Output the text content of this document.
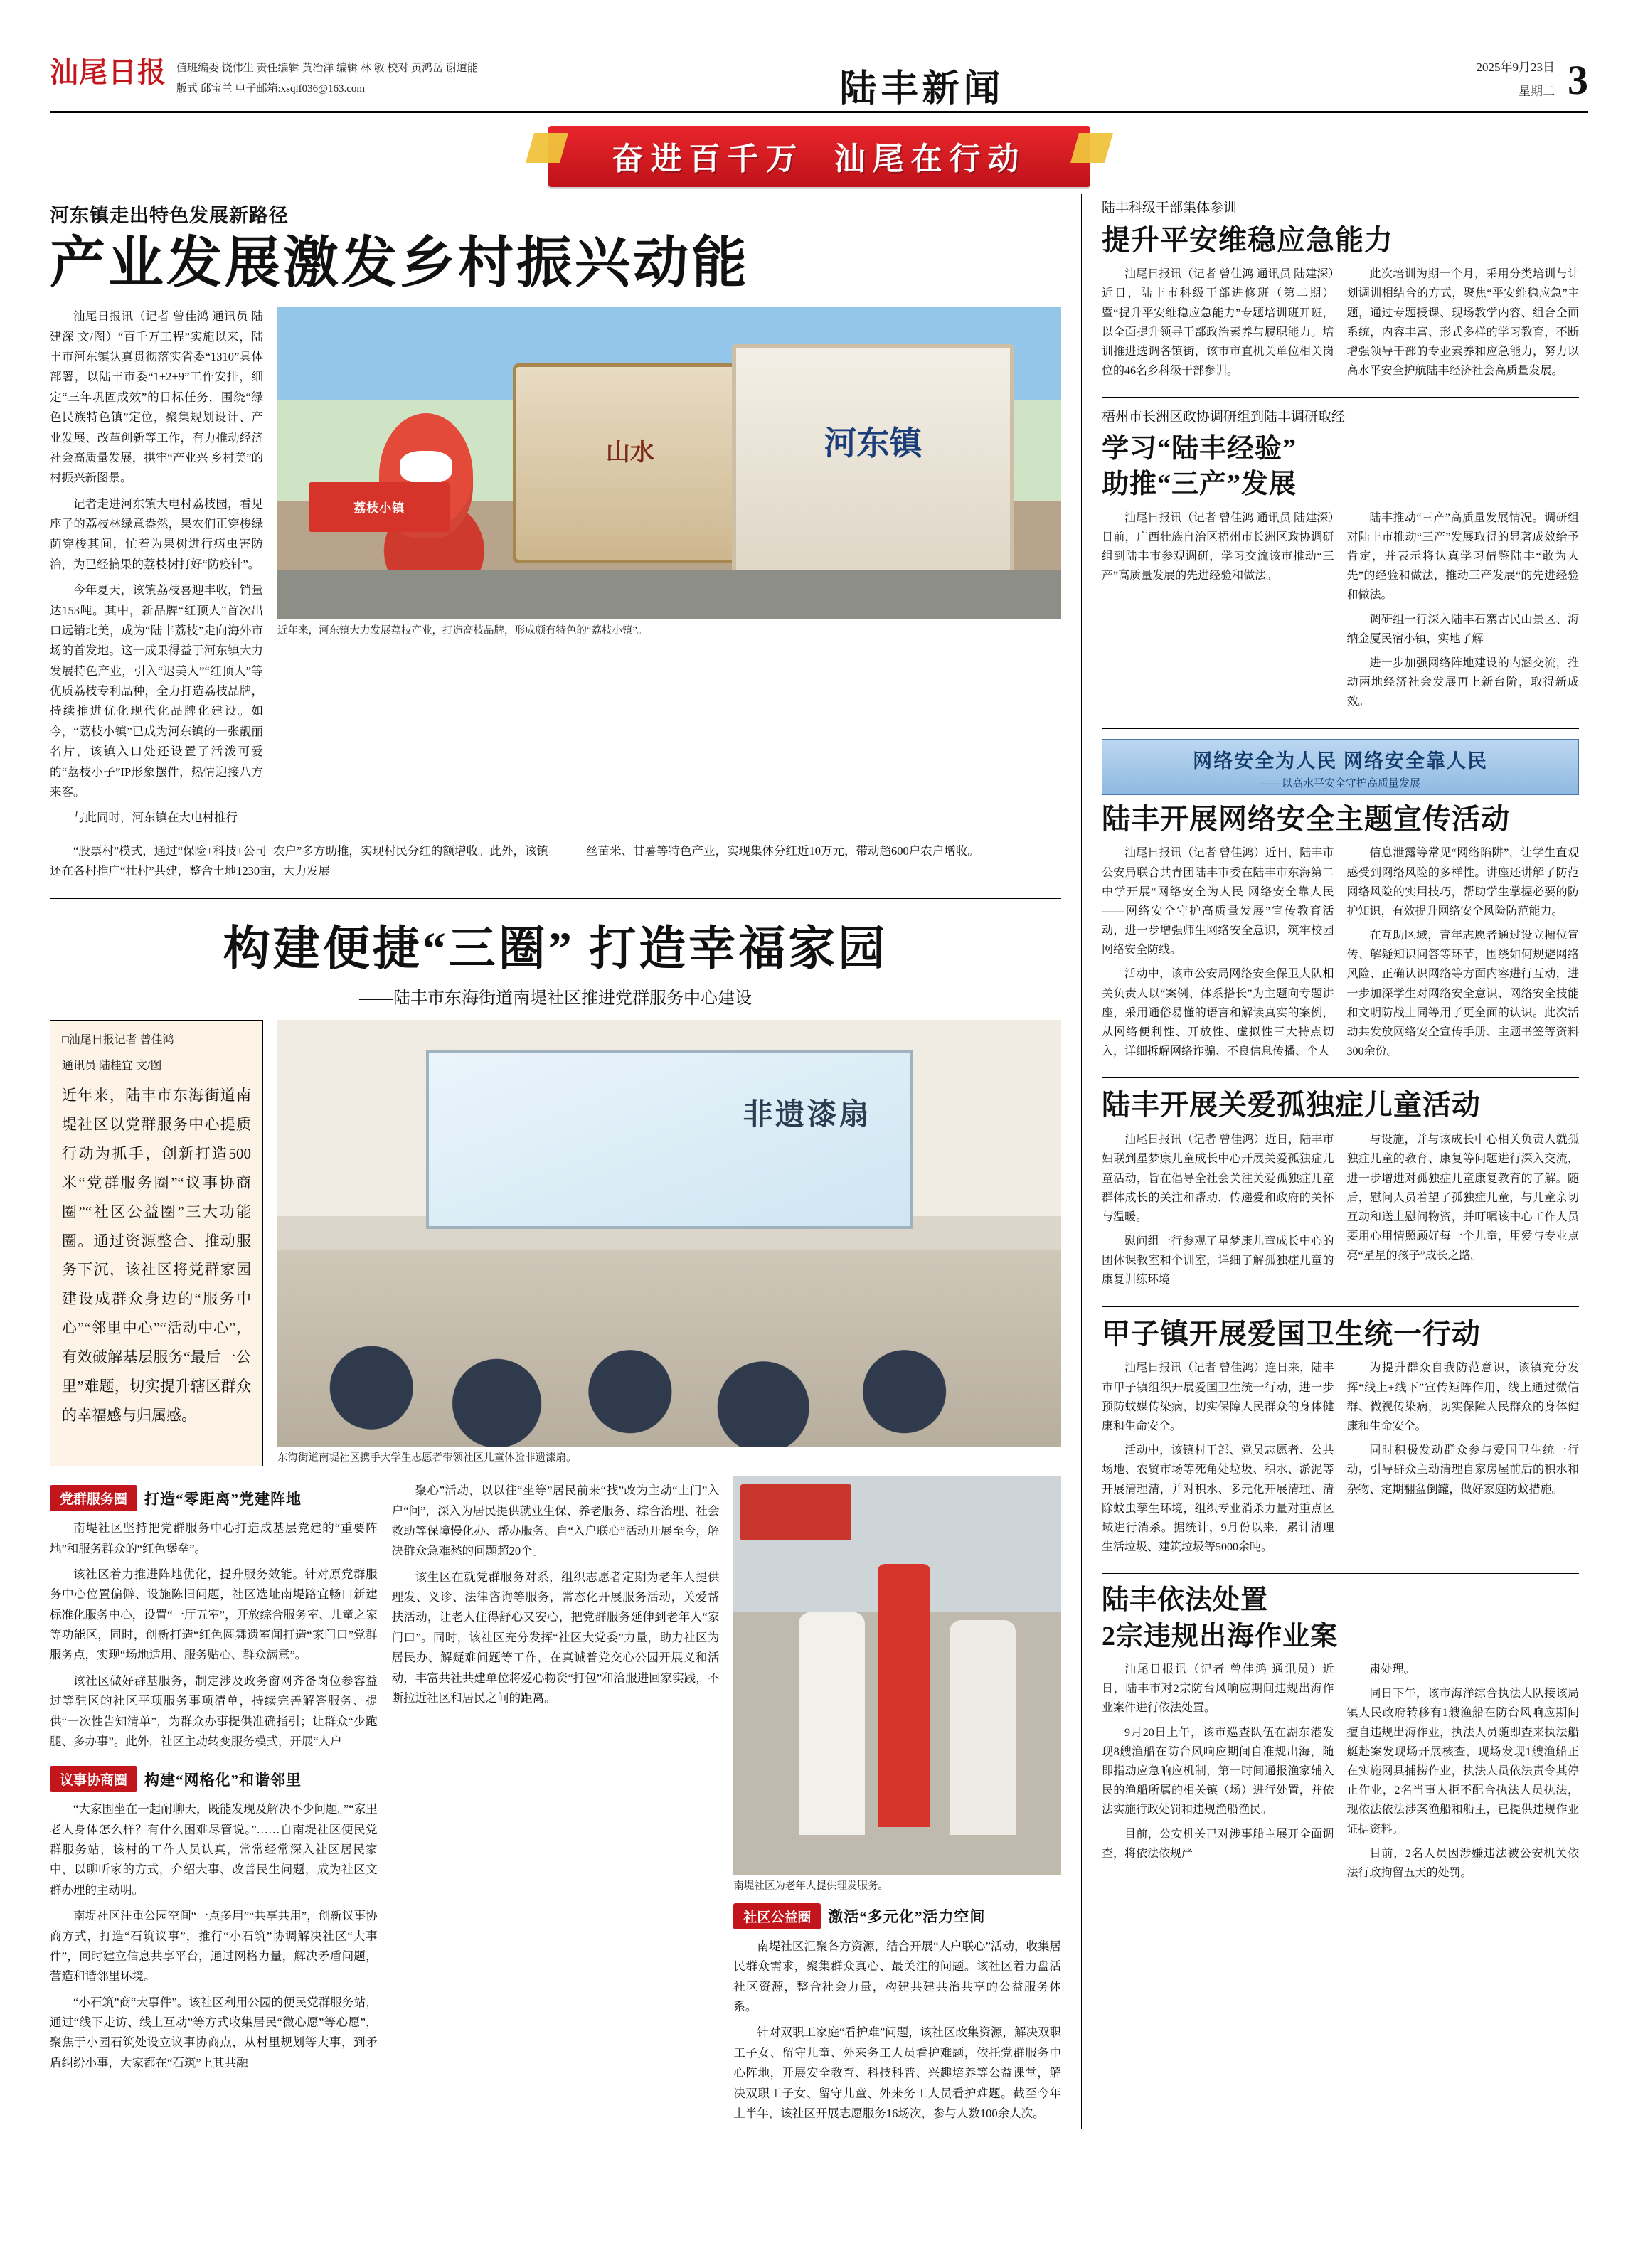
汕尾日报 值班编委 饶伟生 责任编辑 黄冶洋 编辑 林 敏 校对 黄鸿岳 谢道能
版式 邱宝兰 电子邮箱:xsqlf036@163.com	陆丰新闻
2025年9月23日
星期二 3
奋进百千万 汕尾在行动
河东镇走出特色发展新路径
产业发展激发乡村振兴动能

汕尾日报讯（记者 曾佳鸿 通讯员 陆建深 文/图）“百千万工程”实施以来，陆丰市河东镇认真贯彻落实省委“1310”具体部署，以陆丰市委“1+2+9”工作安排，细定“三年巩固成效”的目标任务，围绕“绿色民族特色镇”定位，聚集规划设计、产业发展、改革创新等工作，有力推动经济社会高质量发展，拱牢“产业兴 乡村美”的村振兴新图景。

记者走进河东镇大电村荔枝园，看见座子的荔枝林绿意盎然，果农们正穿梭绿荫穿梭其间，忙着为果树进行病虫害防治，为已经摘果的荔枝树打好“防疫针”。

今年夏天，该镇荔枝喜迎丰收，销量达153吨。其中，新品牌“红顶人”首次出口远销北美，成为“陆丰荔枝”走向海外市场的首发地。这一成果得益于河东镇大力发展特色产业，引入“迟美人”“红顶人”等优质荔枝专利品种，全力打造荔枝品牌，持续推进优化现代化品牌化建设。如今，“荔枝小镇”已成为河东镇的一张靓丽名片，该镇入口处还设置了活泼可爱的“荔枝小子”IP形象摆件，热情迎接八方来客。

与此同时，河东镇在大电村推行

山水
河东镇
荔枝小镇
近年来，河东镇大力发展荔枝产业，打造高枝品牌，形成颇有特色的“荔枝小镇”。

“股票村”模式，通过“保险+科技+公司+农户”多方助推，实现村民分红的额增收。此外，该镇还在各村推广“壮村”共建，整合土地1230亩，大力发展

丝苗米、甘薯等特色产业，实现集体分红近10万元，带动超600户农户增收。

构建便捷“三圈” 打造幸福家园
——陆丰市东海街道南堤社区推进党群服务中心建设
□汕尾日报记者 曾佳鸿
通讯员 陆桂宜 文/图
近年来，陆丰市东海街道南堤社区以党群服务中心提质行动为抓手，创新打造500米“党群服务圈”“议事协商圈”“社区公益圈”三大功能圈。通过资源整合、推动服务下沉，该社区将党群家园建设成群众身边的“服务中心”“邻里中心”“活动中心”，有效破解基层服务“最后一公里”难题，切实提升辖区群众的幸福感与归属感。
非遗漆扇
东海街道南堤社区携手大学生志愿者带领社区儿童体验非遗漆扇。
党群服务圈	打造“零距离”党建阵地

南堤社区坚持把党群服务中心打造成基层党建的“重要阵地”和服务群众的“红色堡垒”。

该社区着力推进阵地优化，提升服务效能。针对原党群服务中心位置偏僻、设施陈旧问题，社区选址南堤路宜畅口新建标准化服务中心，设置“一厅五室”，开放综合服务室、儿童之家等功能区，同时，创新打造“红色圆舞遗室闻打造“家门口”党群服务点，实现“场地适用、服务贴心、群众满意”。

该社区做好群基服务，制定涉及政务窗网齐备岗位参容益过等驻区的社区平项服务事项清单，持续完善解答服务、提供“一次性告知清单”，为群众办事提供准确指引；让群众“少跑腿、多办事”。此外，社区主动转变服务模式，开展“人户

议事协商圈	构建“网格化”和谐邻里

“大家围坐在一起耐聊天，既能发现及解决不少问题。”“家里老人身体怎么样？有什么困难尽管说。”……自南堤社区便民党群服务站，该村的工作人员认真，常常经常深入社区居民家中，以聊听家的方式，介绍大事、改善民生问题，成为社区文群办理的主动明。

南堤社区注重公园空间“一点多用”“共享共用”，创新议事协商方式，打造“石筑议事”，推行“小石筑”协调解决社区“大事件”，同时建立信息共享平台，通过网格力量，解决矛盾问题，营造和谐邻里环境。

“小石筑”商“大事件”。该社区利用公园的便民党群服务站，通过“线下走访、线上互动”等方式收集居民“微心愿”等心愿”，聚焦于小园石筑处设立议事协商点，从村里规划等大事，到矛盾纠纷小事，大家都在“石筑”上其共融

聚心”活动，以以往“坐等”居民前来“找”改为主动“上门”入户“问”，深入为居民提供就业生保、养老服务、综合治理、社会救助等保障慢化办、帮办服务。自“入户联心”活动开展至今，解决群众急难愁的问题超20个。

该生区在就党群服务对系，组织志愿者定期为老年人提供理发、义诊、法律咨询等服务，常态化开展服务活动，关爱帮扶活动，让老人住得舒心又安心，把党群服务延伸到老年人“家门口”。同时，该社区充分发挥“社区大党委”力量，助力社区为居民办、解疑难问题等工作，在真诚普党交心公园开展义和活动，丰富共社共建单位将爱心物资“打包”和洽服进回家实践，不断拉近社区和居民之间的距离。

南堤社区为老年人提供理发服务。
社区公益圈	激活“多元化”活力空间

南堤社区汇聚各方资源，结合开展“人户联心”活动，收集居民群众需求，聚集群众真心、最关注的问题。该社区着力盘活社区资源，整合社会力量，构建共建共治共享的公益服务体系。

针对双职工家庭“看护难”问题，该社区改集资源，解决双职工子女、留守儿童、外来务工人员看护难题，依托党群服务中心阵地，开展安全教育、科技科普、兴趣培养等公益课堂，解决双职工子女、留守儿童、外来务工人员看护难题。截至今年上半年，该社区开展志愿服务16场次，参与人数100余人次。

陆丰科级干部集体参训
提升平安维稳应急能力

汕尾日报讯（记者 曾佳鸿 通讯员 陆建深）近日，陆丰市科级干部进修班（第二期）暨“提升平安维稳应急能力”专题培训班开班，以全面提升领导干部政治素养与履职能力。培训推进选调各镇街，该市市直机关单位相关岗位的46名乡科级干部参训。

此次培训为期一个月，采用分类培训与计划调训相结合的方式，聚焦“平安维稳应急”主题，通过专题授课、现场教学内容、组合全面系统，内容丰富、形式多样的学习教育，不断增强领导干部的专业素养和应急能力，努力以高水平安全护航陆丰经济社会高质量发展。

梧州市长洲区政协调研组到陆丰调研取经
学习“陆丰经验”
助推“三产”发展

汕尾日报讯（记者 曾佳鸿 通讯员 陆建深）日前，广西壮族自治区梧州市长洲区政协调研组到陆丰市参观调研，学习交流该市推动“三产”高质量发展的先进经验和做法。

陆丰推动“三产”高质量发展情况。调研组对陆丰市推动“三产”发展取得的显著成效给予肯定，并表示将认真学习借鉴陆丰“敢为人先”的经验和做法，推动三产发展“的先进经验和做法。

调研组一行深入陆丰石寨古民山景区、海纳金厦民宿小镇，实地了解

进一步加强网络阵地建设的内涵交流，推动两地经济社会发展再上新台阶，取得新成效。

网络安全为人民 网络安全靠人民
——以高水平安全守护高质量发展
陆丰开展网络安全主题宣传活动

汕尾日报讯（记者 曾佳鸿）近日，陆丰市公安局联合共青团陆丰市委在陆丰市东海第二中学开展“网络安全为人民 网络安全靠人民——网络安全守护高质量发展”宣传教育活动，进一步增强师生网络安全意识，筑牢校园网络安全防线。

活动中，该市公安局网络安全保卫大队相关负责人以“案例、体系搭长”为主题向专题讲座，采用通俗易懂的语言和解读真实的案例，从网络便利性、开放性、虚拟性三大特点切入，详细拆解网络诈骗、不良信息传播、个人

信息泄露等常见“网络陷阱”，让学生直观感受到网络风险的多样性。讲座还讲解了防范网络风险的实用技巧，帮助学生掌握必要的防护知识，有效提升网络安全风险防范能力。

在互助区域，青年志愿者通过设立橱位宣传、解疑知识问答等环节，围绕如何规避网络风险、正确认识网络等方面内容进行互动，进一步加深学生对网络安全意识、网络安全技能和文明防战上同等用了更全面的认识。此次活动共发放网络安全宣传手册、主题书签等资料300余份。

陆丰开展关爱孤独症儿童活动

汕尾日报讯（记者 曾佳鸿）近日，陆丰市妇联到星梦康儿童成长中心开展关爱孤独症儿童活动，旨在倡导全社会关注关爱孤独症儿童群体成长的关注和帮助，传递爱和政府的关怀与温暖。

慰问组一行参观了星梦康儿童成长中心的团体课教室和个训室，详细了解孤独症儿童的康复训练环境

与设施，并与该成长中心相关负责人就孤独症儿童的教育、康复等问题进行深入交流，进一步增进对孤独症儿童康复教育的了解。随后，慰问人员着望了孤独症儿童，与儿童亲切互动和送上慰问物资，并叮嘱该中心工作人员要用心用情照顾好每一个儿童，用爱与专业点亮“星星的孩子”成长之路。

甲子镇开展爱国卫生统一行动

汕尾日报讯（记者 曾佳鸿）连日来，陆丰市甲子镇组织开展爱国卫生统一行动，进一步预防蚊媒传染病，切实保障人民群众的身体健康和生命安全。

活动中，该镇村干部、党员志愿者、公共场地、农贸市场等死角处垃圾、积水、淤泥等开展清理清，并对积水、多元化开展清理、清除蚊虫孳生环境，组织专业消杀力量对重点区域进行消杀。据统计，9月份以来，累计清理生活垃圾、建筑垃圾等5000余吨。

为提升群众自我防范意识，该镇充分发挥“线上+线下”宣传矩阵作用，线上通过微信群、微视传染病，切实保障人民群众的身体健康和生命安全。

同时积极发动群众参与爱国卫生统一行动，引导群众主动清理自家房屋前后的积水和杂物、定期翻盆倒罐，做好家庭防蚊措施。

陆丰依法处置
2宗违规出海作业案

汕尾日报讯（记者 曾佳鸿 通讯员）近日，陆丰市对2宗防台风响应期间违规出海作业案件进行依法处置。

9月20日上午，该市巡查队伍在湖东港发现8艘渔船在防台风响应期间自准规出海，随即指动应急响应机制，第一时间通报渔家辅入民的渔船所属的相关镇（场）进行处置，并依法实施行政处罚和违规渔船渔民。

目前，公安机关已对涉事船主展开全面调查，将依法依规严

肃处理。

同日下午，该市海洋综合执法大队接该局镇人民政府转移有1艘渔船在防台风响应期间擅自违规出海作业，执法人员随即查来执法船艇赴案发现场开展核查，现场发现1艘渔船正在实施网具捕捞作业，执法人员依法责令其停止作业，2名当事人拒不配合执法人员执法，现依法依法涉案渔船和船主，已提供违规作业证据资料。

目前，2名人员因涉嫌违法被公安机关依法行政拘留五天的处罚。
